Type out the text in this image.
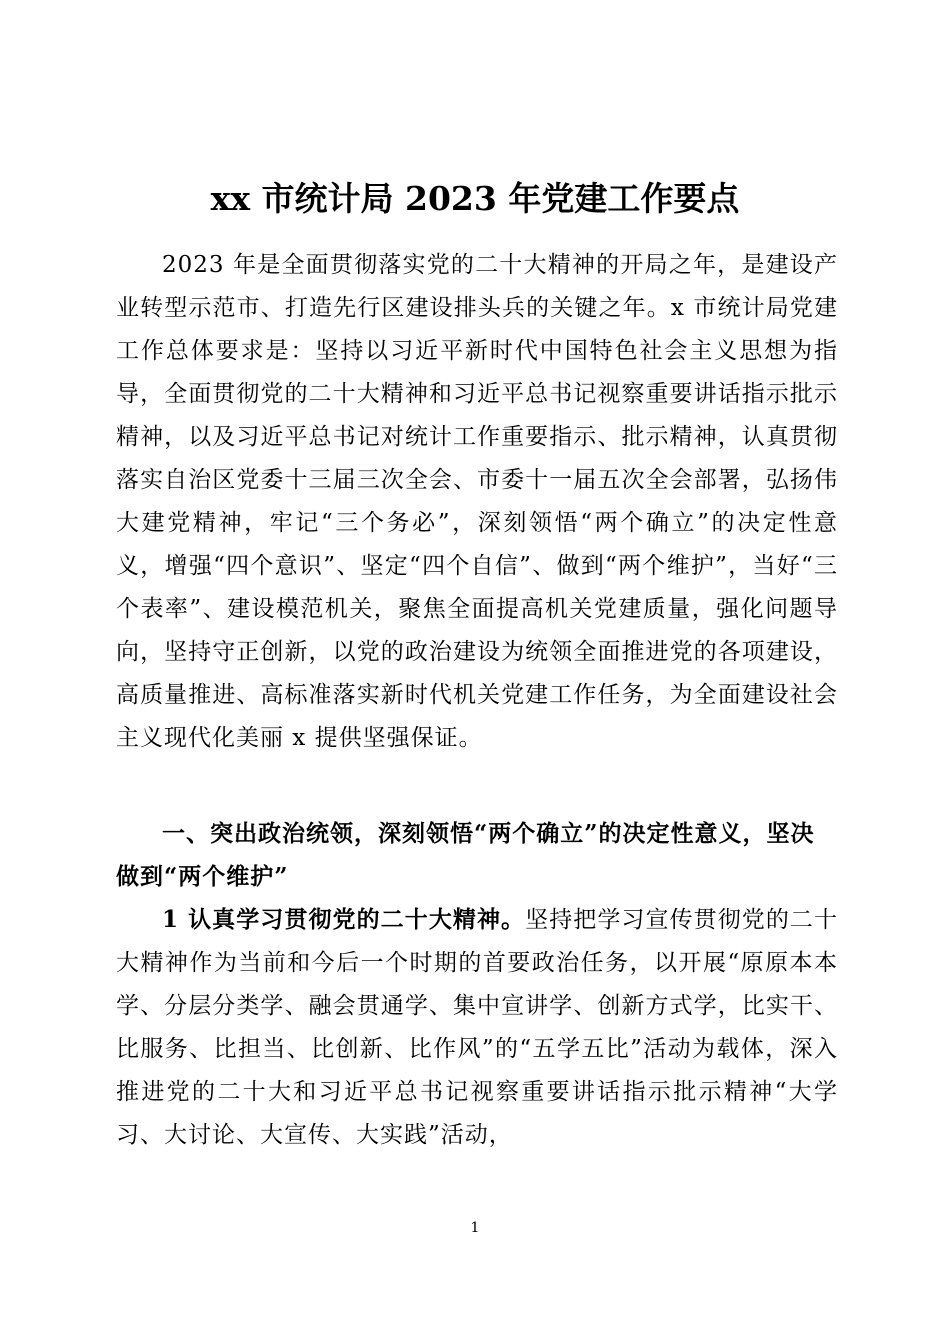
xx 市统计局 2023 年党建工作要点

2023 年是全面贯彻落实党的二十大精神的开局之年，是建设产业转型示范市、打造先行区建设排头兵的关键之年。x 市统计局党建工作总体要求是：坚持以习近平新时代中国特色社会主义思想为指导，全面贯彻党的二十大精神和习近平总书记视察重要讲话指示批示精神，以及习近平总书记对统计工作重要指示、批示精神，认真贯彻落实自治区党委十三届三次全会、市委十一届五次全会部署，弘扬伟大建党精神，牢记“三个务必”，深刻领悟“两个确立”的决定性意义，增强“四个意识”、坚定“四个自信”、做到“两个维护”，当好“三个表率”、建设模范机关，聚焦全面提高机关党建质量，强化问题导向，坚持守正创新，以党的政治建设为统领全面推进党的各项建设，高质量推进、高标准落实新时代机关党建工作任务，为全面建设社会主义现代化美丽 x 提供坚强保证。

一、突出政治统领，深刻领悟“两个确立”的决定性意义，坚决做到“两个维护”

1 认真学习贯彻党的二十大精神。坚持把学习宣传贯彻党的二十大精神作为当前和今后一个时期的首要政治任务，以开展“原原本本学、分层分类学、融会贯通学、集中宣讲学、创新方式学，比实干、比服务、比担当、比创新、比作风”的“五学五比”活动为载体，深入推进党的二十大和习近平总书记视察重要讲话指示批示精神“大学习、大讨论、大宣传、大实践”活动，

1
